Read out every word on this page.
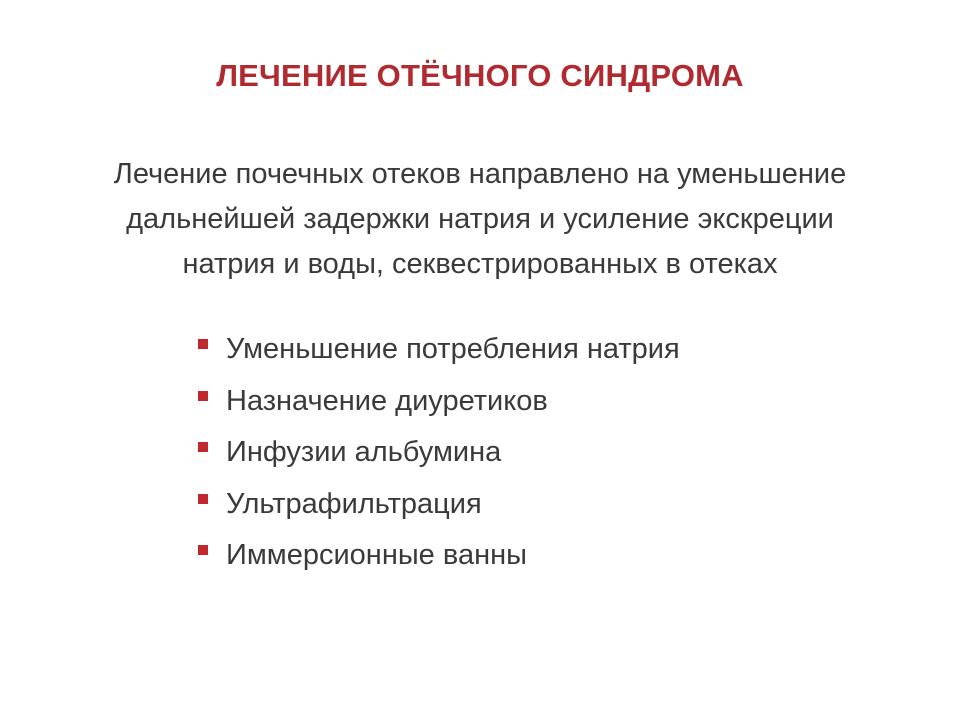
ЛЕЧЕНИЕ ОТЁЧНОГО СИНДРОМА

Лечение почечных отеков направлено на уменьшение
дальнейшей задержки натрия и усиление экскреции
натрия и воды, секвестрированных в отеках

Уменьшение потребления натрия
Назначение диуретиков
Инфузии альбумина
Ультрафильтрация
Иммерсионные ванны
